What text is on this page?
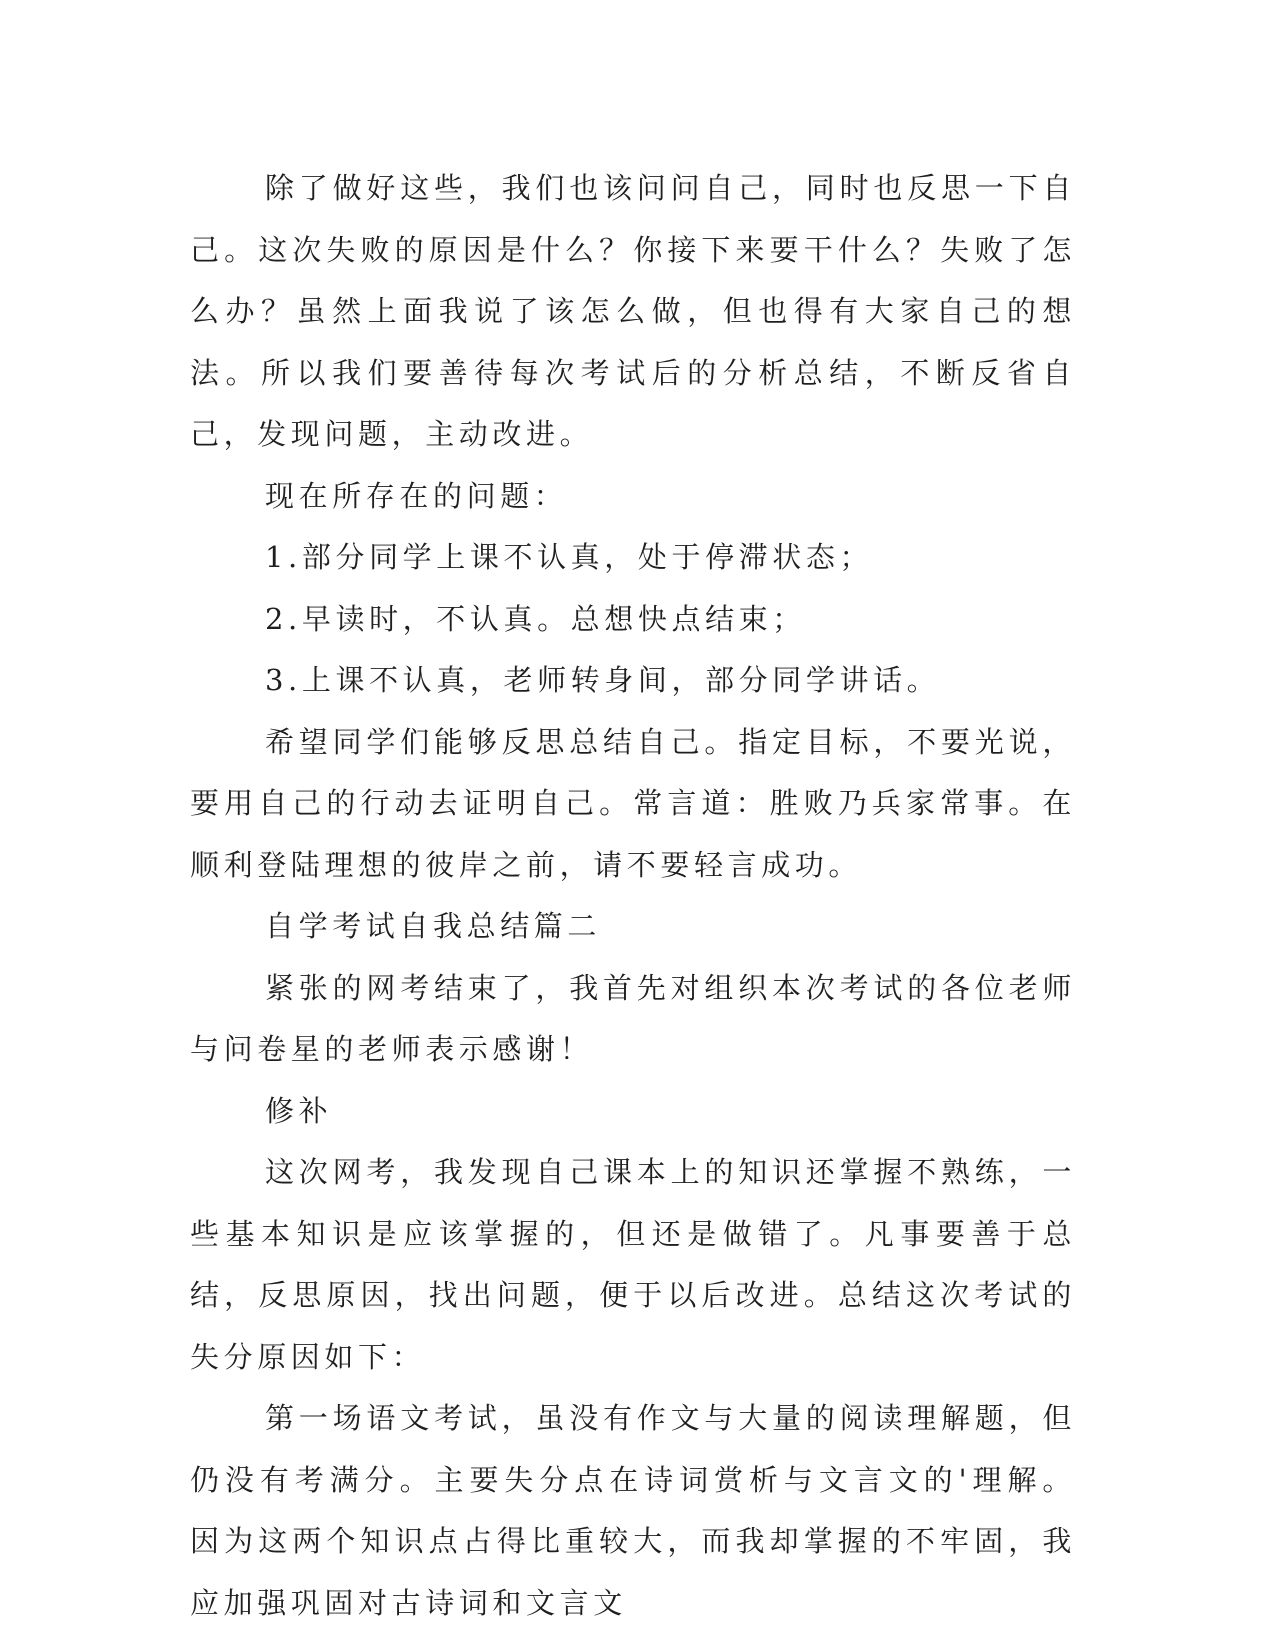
除了做好这些，我们也该问问自己，同时也反思一下自己。这次失败的原因是什么？你接下来要干什么？失败了怎么办？虽然上面我说了该怎么做，但也得有大家自己的想法。所以我们要善待每次考试后的分析总结，不断反省自己，发现问题，主动改进。

现在所存在的问题：

1.部分同学上课不认真，处于停滞状态；

2.早读时，不认真。总想快点结束；

3.上课不认真，老师转身间，部分同学讲话。

希望同学们能够反思总结自己。指定目标，不要光说，要用自己的行动去证明自己。常言道：胜败乃兵家常事。在顺利登陆理想的彼岸之前，请不要轻言成功。

自学考试自我总结篇二

紧张的网考结束了，我首先对组织本次考试的各位老师与问卷星的老师表示感谢！

修补

这次网考，我发现自己课本上的知识还掌握不熟练，一些基本知识是应该掌握的，但还是做错了。凡事要善于总结，反思原因，找出问题，便于以后改进。总结这次考试的失分原因如下：

第一场语文考试，虽没有作文与大量的阅读理解题，但仍没有考满分。主要失分点在诗词赏析与文言文的'理解。因为这两个知识点占得比重较大，而我却掌握的不牢固，我应加强巩固对古诗词和文言文
